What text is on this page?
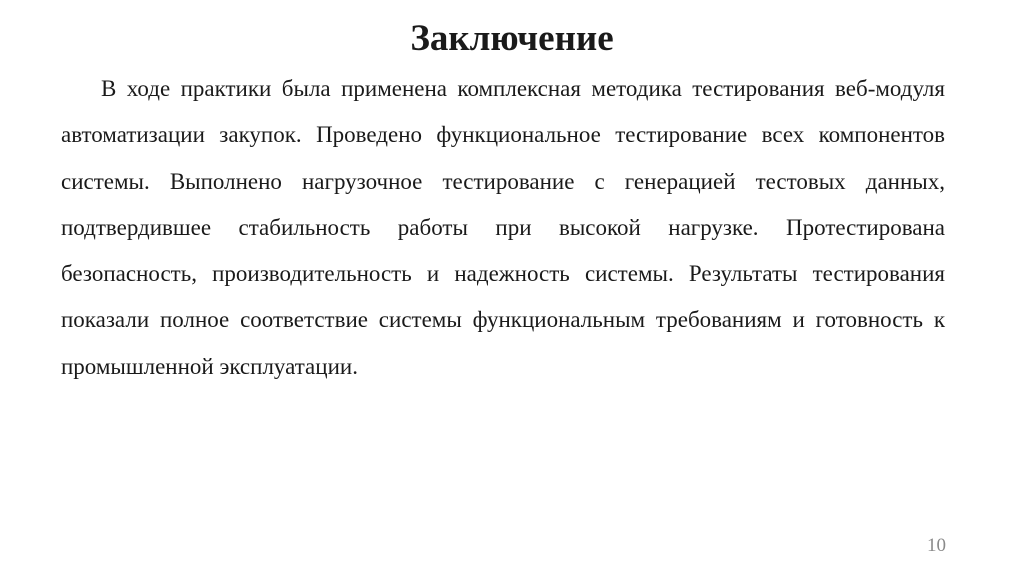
Заключение

В ходе практики была применена комплексная методика тестирования веб-модуля автоматизации закупок. Проведено функциональное тестирование всех компонентов системы. Выполнено нагрузочное тестирование с генерацией тестовых данных, подтвердившее стабильность работы при высокой нагрузке. Протестирована безопасность, производительность и надежность системы. Результаты тестирования показали полное соответствие системы функциональным требованиям и готовность к промышленной эксплуатации.

10
